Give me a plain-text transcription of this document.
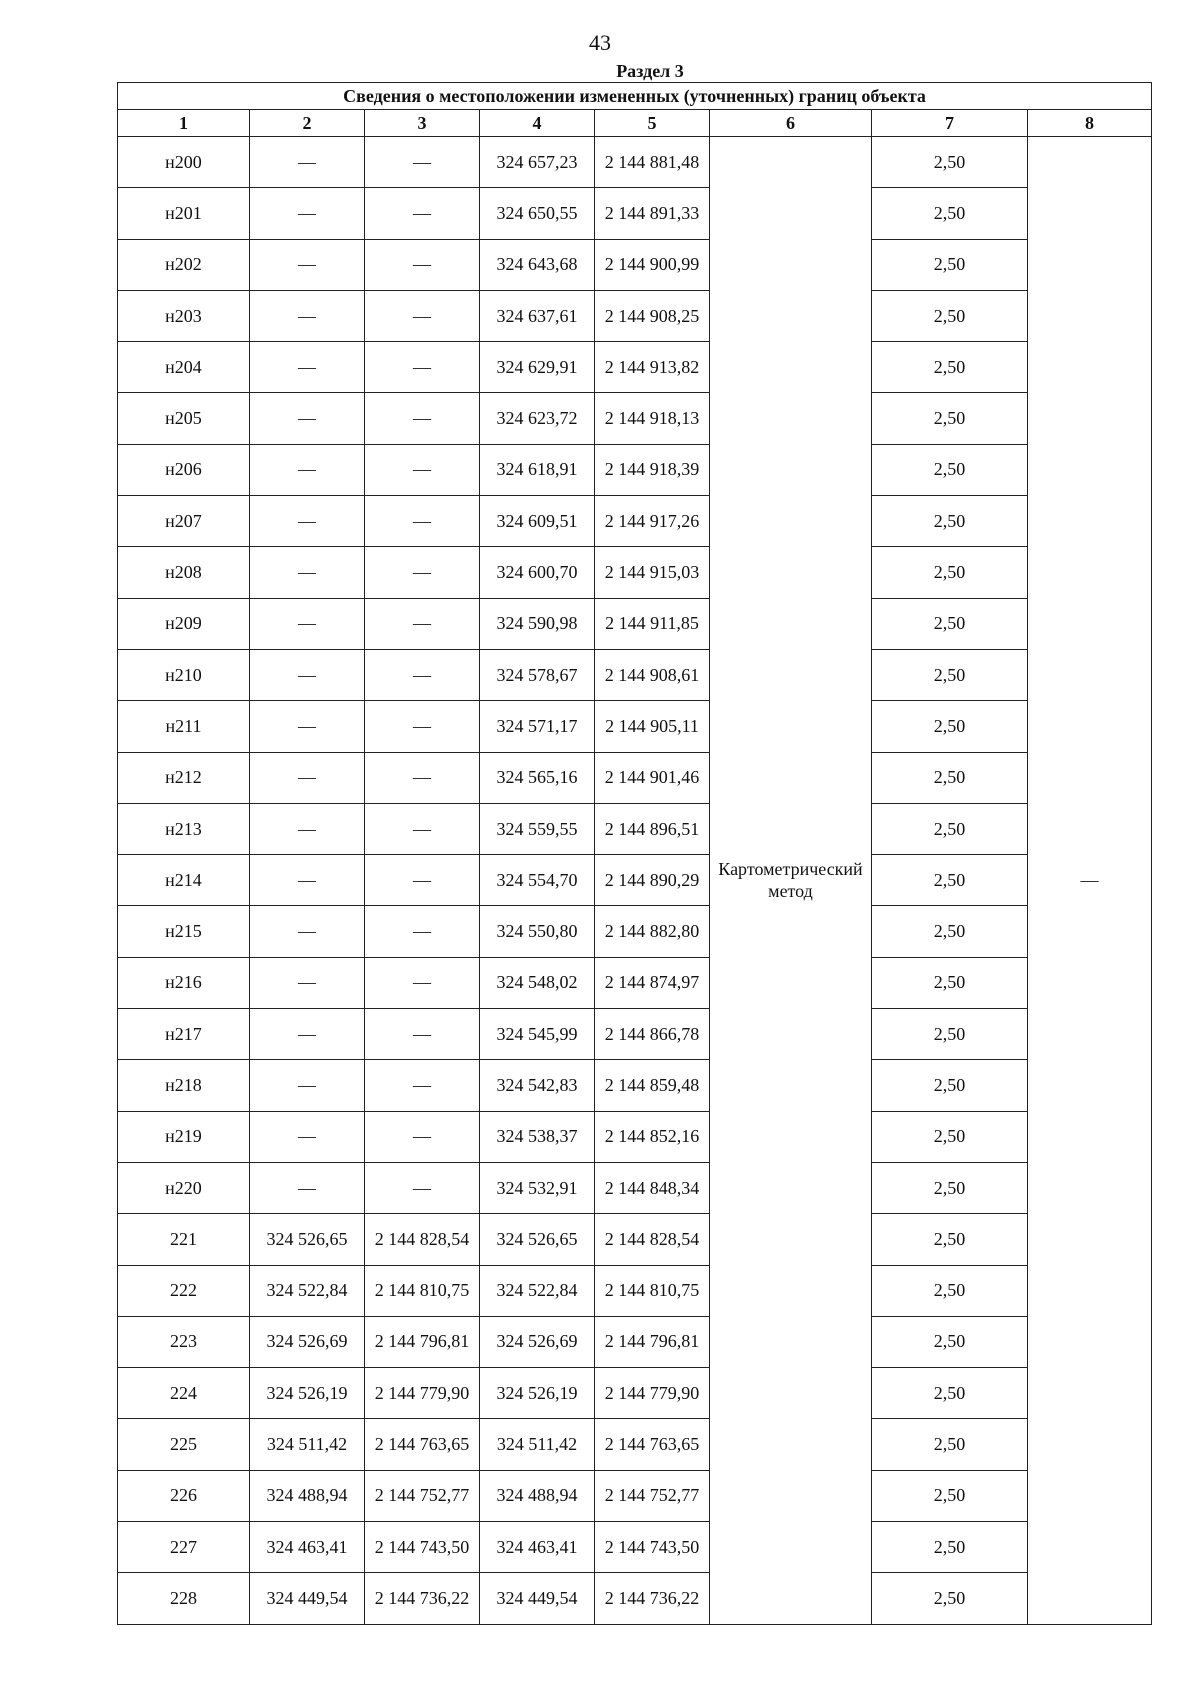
43
Раздел 3
Сведения о местоположении измененных (уточненных) границ объекта							
1	2	3	4	5	6	7	8
н200	—	—	324 657,23	2 144 881,48	Картометрический метод	2,50	—
н201	—	—	324 650,55	2 144 891,33		2,50	
н202	—	—	324 643,68	2 144 900,99		2,50	
н203	—	—	324 637,61	2 144 908,25		2,50	
н204	—	—	324 629,91	2 144 913,82		2,50	
н205	—	—	324 623,72	2 144 918,13		2,50	
н206	—	—	324 618,91	2 144 918,39		2,50	
н207	—	—	324 609,51	2 144 917,26		2,50	
н208	—	—	324 600,70	2 144 915,03		2,50	
н209	—	—	324 590,98	2 144 911,85		2,50	
н210	—	—	324 578,67	2 144 908,61		2,50	
н211	—	—	324 571,17	2 144 905,11		2,50	
н212	—	—	324 565,16	2 144 901,46		2,50	
н213	—	—	324 559,55	2 144 896,51		2,50	
н214	—	—	324 554,70	2 144 890,29		2,50	
н215	—	—	324 550,80	2 144 882,80		2,50	
н216	—	—	324 548,02	2 144 874,97		2,50	
н217	—	—	324 545,99	2 144 866,78		2,50	
н218	—	—	324 542,83	2 144 859,48		2,50	
н219	—	—	324 538,37	2 144 852,16		2,50	
н220	—	—	324 532,91	2 144 848,34		2,50	
221	324 526,65	2 144 828,54	324 526,65	2 144 828,54		2,50	
222	324 522,84	2 144 810,75	324 522,84	2 144 810,75		2,50	
223	324 526,69	2 144 796,81	324 526,69	2 144 796,81		2,50	
224	324 526,19	2 144 779,90	324 526,19	2 144 779,90		2,50	
225	324 511,42	2 144 763,65	324 511,42	2 144 763,65		2,50	
226	324 488,94	2 144 752,77	324 488,94	2 144 752,77		2,50	
227	324 463,41	2 144 743,50	324 463,41	2 144 743,50		2,50	
228	324 449,54	2 144 736,22	324 449,54	2 144 736,22		2,50	
